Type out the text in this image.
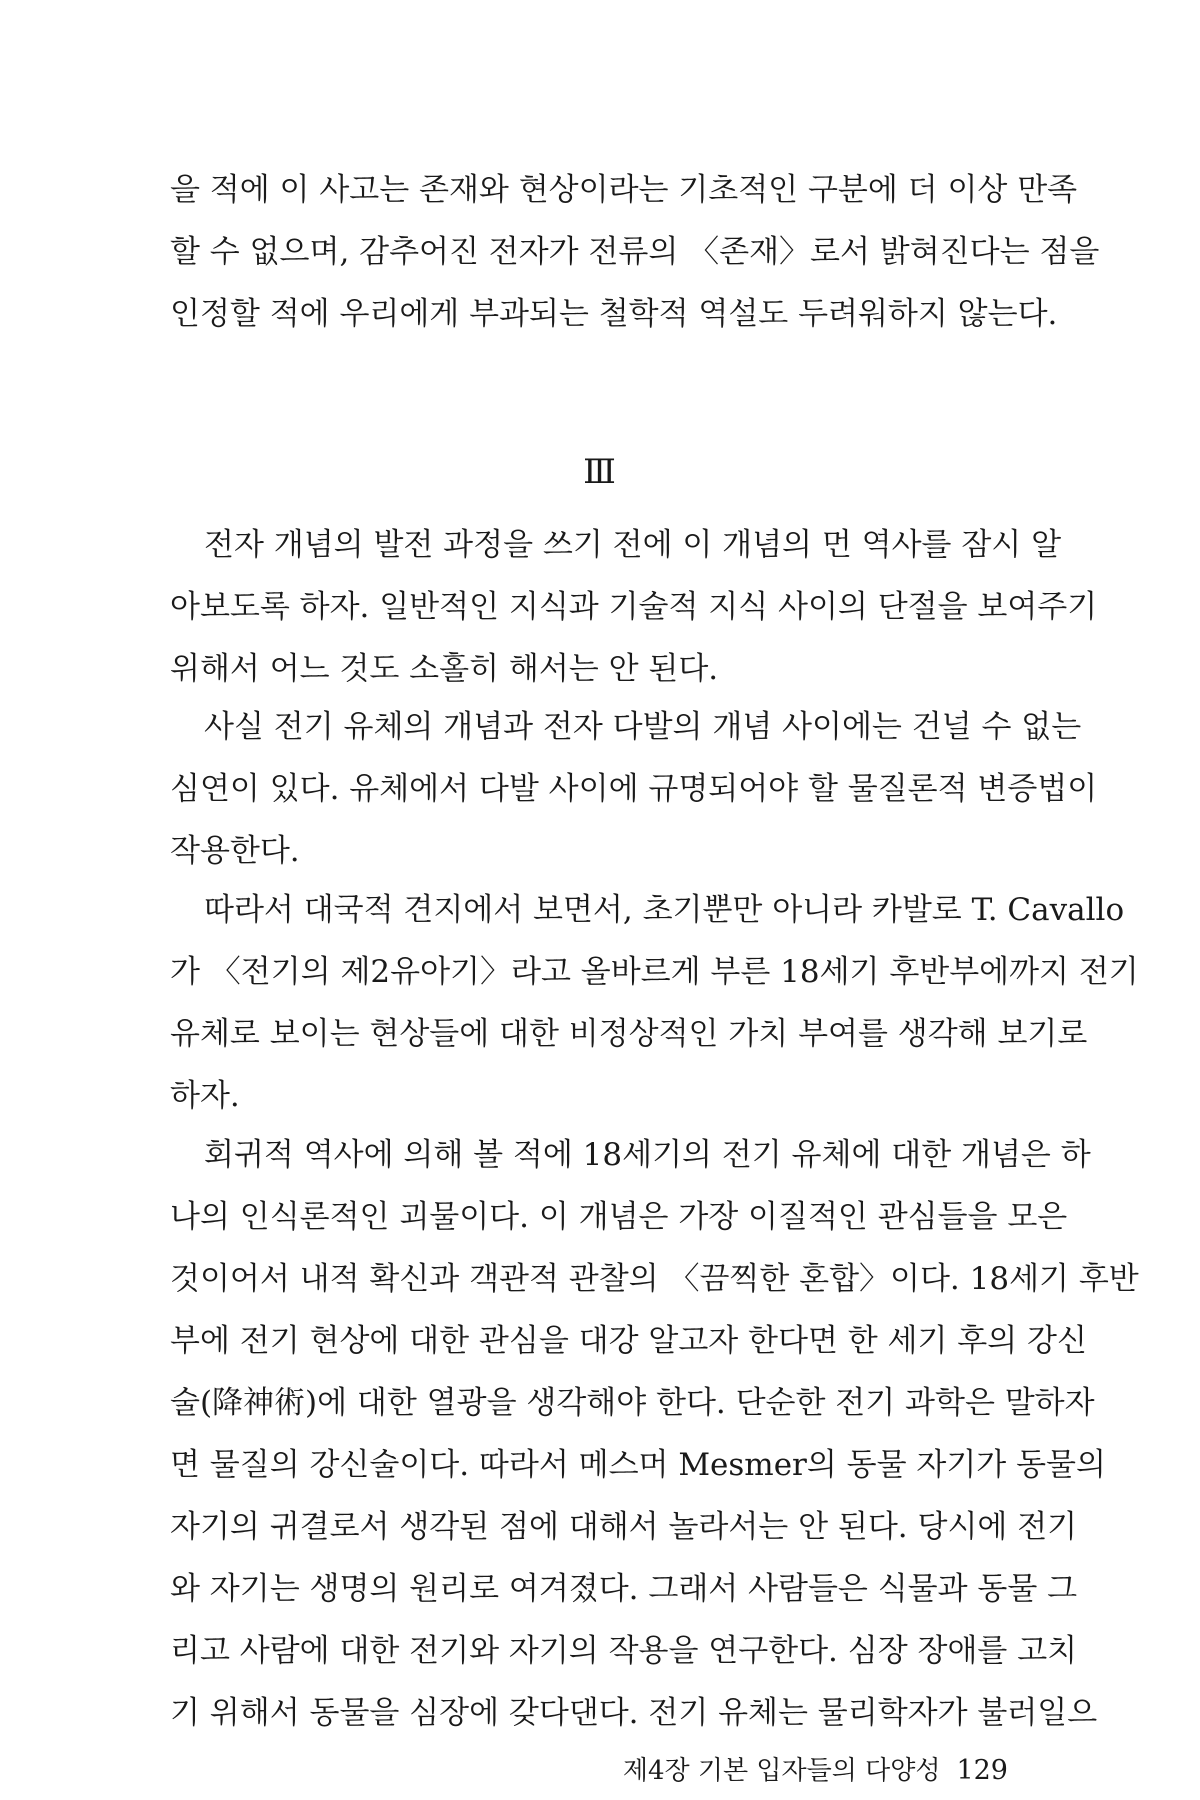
을 적에 이 사고는 존재와 현상이라는 기초적인 구분에 더 이상 만족
할 수 없으며, 감추어진 전자가 전류의 〈존재〉로서 밝혀진다는 점을
인정할 적에 우리에게 부과되는 철학적 역설도 두려워하지 않는다.
Ⅲ
전자 개념의 발전 과정을 쓰기 전에 이 개념의 먼 역사를 잠시 알
아보도록 하자. 일반적인 지식과 기술적 지식 사이의 단절을 보여주기
위해서 어느 것도 소홀히 해서는 안 된다.
사실 전기 유체의 개념과 전자 다발의 개념 사이에는 건널 수 없는
심연이 있다. 유체에서 다발 사이에 규명되어야 할 물질론적 변증법이
작용한다.
따라서 대국적 견지에서 보면서, 초기뿐만 아니라 카발로 T. Cavallo
가 〈전기의 제2유아기〉라고 올바르게 부른 18세기 후반부에까지 전기
유체로 보이는 현상들에 대한 비정상적인 가치 부여를 생각해 보기로
하자.
회귀적 역사에 의해 볼 적에 18세기의 전기 유체에 대한 개념은 하
나의 인식론적인 괴물이다. 이 개념은 가장 이질적인 관심들을 모은
것이어서 내적 확신과 객관적 관찰의 〈끔찍한 혼합〉이다. 18세기 후반
부에 전기 현상에 대한 관심을 대강 알고자 한다면 한 세기 후의 강신
술(降神術)에 대한 열광을 생각해야 한다. 단순한 전기 과학은 말하자
면 물질의 강신술이다. 따라서 메스머 Mesmer의 동물 자기가 동물의
자기의 귀결로서 생각된 점에 대해서 놀라서는 안 된다. 당시에 전기
와 자기는 생명의 원리로 여겨졌다. 그래서 사람들은 식물과 동물 그
리고 사람에 대한 전기와 자기의 작용을 연구한다. 심장 장애를 고치
기 위해서 동물을 심장에 갖다댄다. 전기 유체는 물리학자가 불러일으
제4장 기본 입자들의 다양성 129
